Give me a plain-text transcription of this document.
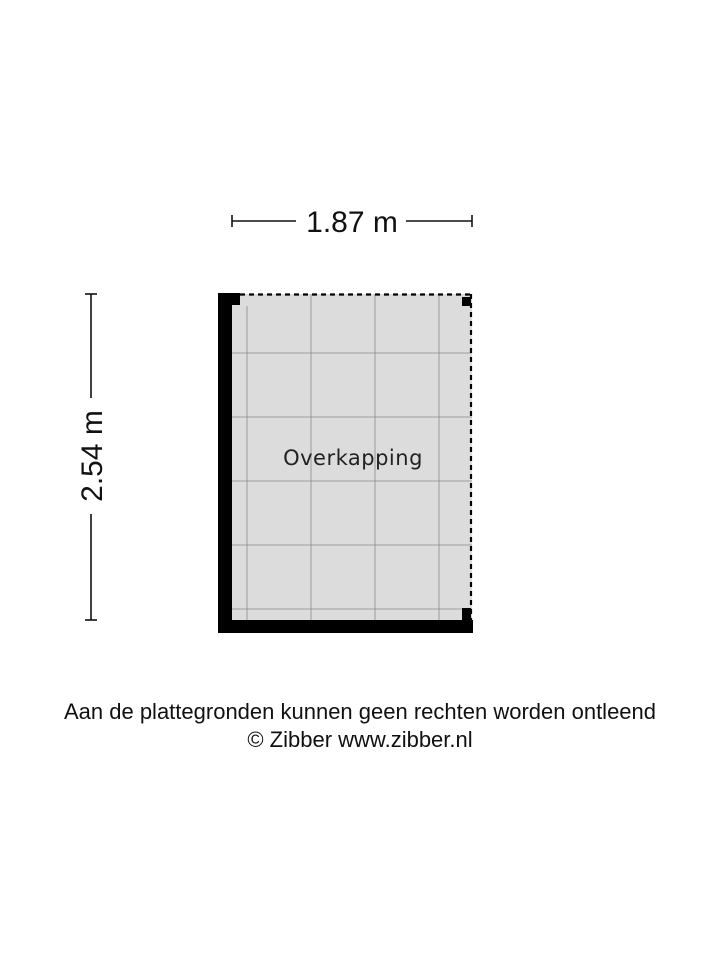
1.87 m
2.54 m	Overkapping
Aan de plattegronden kunnen geen rechten worden ontleend
© Zibber www.zibber.nl
